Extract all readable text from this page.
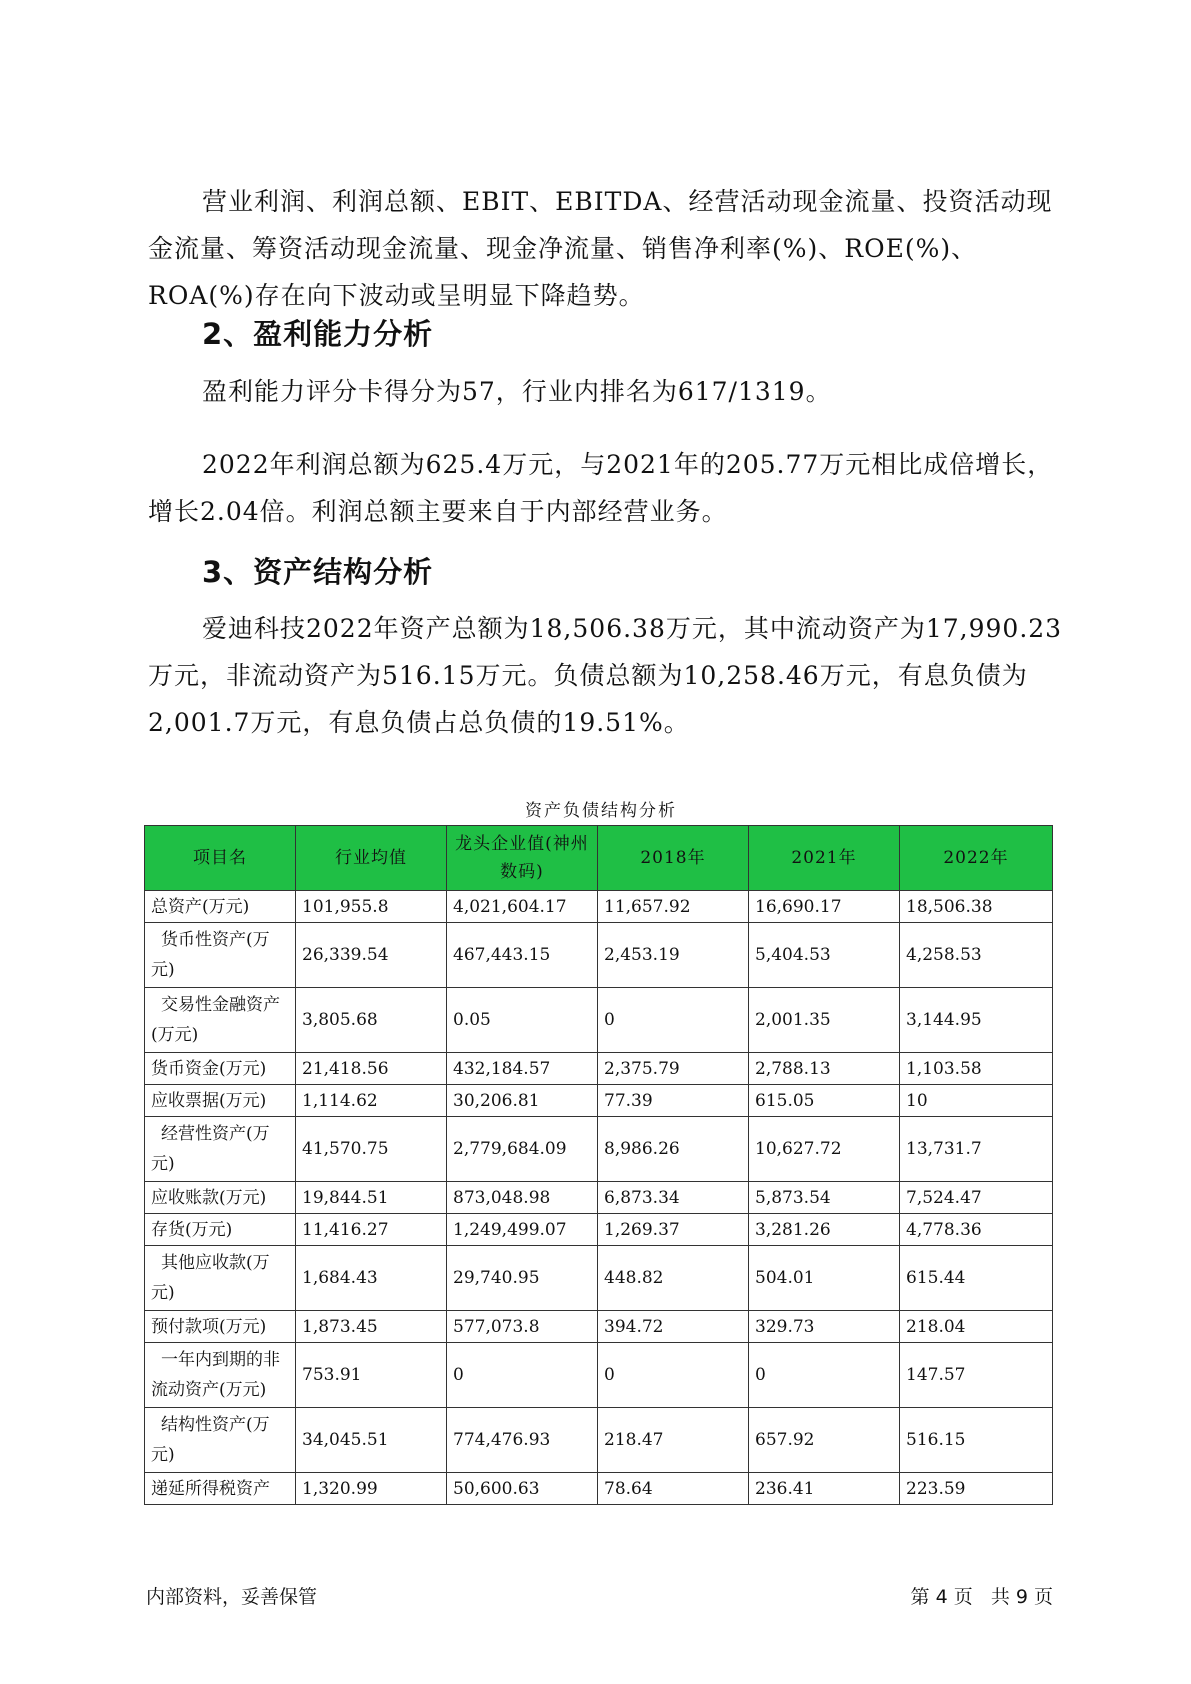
营业利润、利润总额、EBIT、EBITDA、经营活动现金流量、投资活动现金流量、筹资活动现金流量、现金净流量、销售净利率(%)、ROE(%)、ROA(%)存在向下波动或呈明显下降趋势。

2、盈利能力分析

盈利能力评分卡得分为57，行业内排名为617/1319。

2022年利润总额为625.4万元，与2021年的205.77万元相比成倍增长，增长2.04倍。利润总额主要来自于内部经营业务。

3、资产结构分析

爱迪科技2022年资产总额为18,506.38万元，其中流动资产为17,990.23万元，非流动资产为516.15万元。负债总额为10,258.46万元，有息负债为2,001.7万元，有息负债占总负债的19.51%。

资产负债结构分析

项目名	行业均值	龙头企业值(神州数码)	2018年	2021年	2022年
总资产(万元)	101,955.8	4,021,604.17	11,657.92	16,690.17	18,506.38
货币性资产(万元)	26,339.54	467,443.15	2,453.19	5,404.53	4,258.53
交易性金融资产(万元)	3,805.68	0.05	0	2,001.35	3,144.95
货币资金(万元)	21,418.56	432,184.57	2,375.79	2,788.13	1,103.58
应收票据(万元)	1,114.62	30,206.81	77.39	615.05	10
经营性资产(万元)	41,570.75	2,779,684.09	8,986.26	10,627.72	13,731.7
应收账款(万元)	19,844.51	873,048.98	6,873.34	5,873.54	7,524.47
存货(万元)	11,416.27	1,249,499.07	1,269.37	3,281.26	4,778.36
其他应收款(万元)	1,684.43	29,740.95	448.82	504.01	615.44
预付款项(万元)	1,873.45	577,073.8	394.72	329.73	218.04
一年内到期的非流动资产(万元)	753.91	0	0	0	147.57
结构性资产(万元)	34,045.51	774,476.93	218.47	657.92	516.15
递延所得税资产	1,320.99	50,600.63	78.64	236.41	223.59

内部资料，妥善保管	第 4 页   共 9 页
